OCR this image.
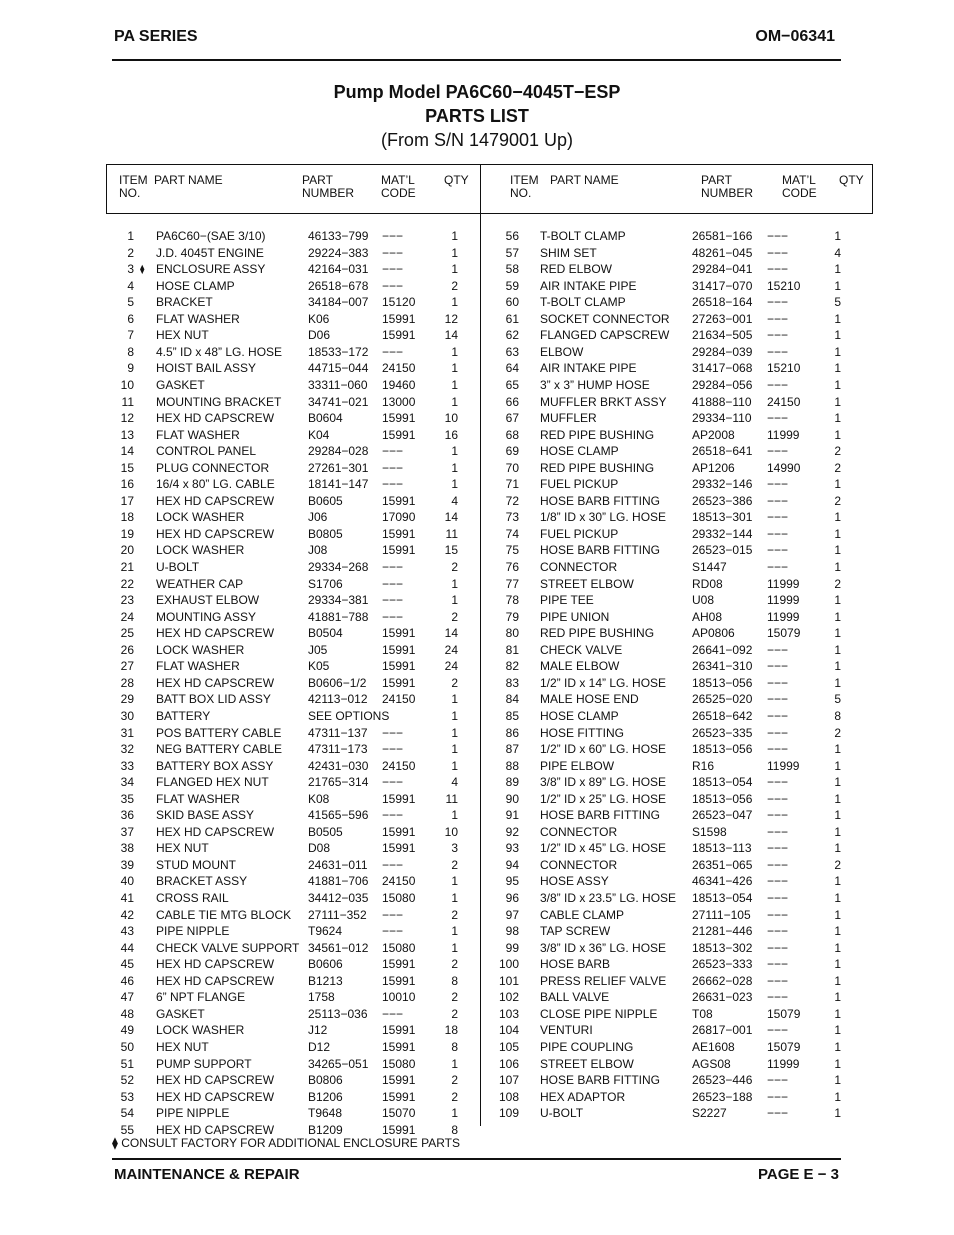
PA SERIES	OM−06341
Pump Model PA6C60−4045T−ESP
PARTS LIST
(From S/N 1479001 Up)
ITEM
NO.
PART NAME	PART
NUMBER
MAT’L
CODE
QTY	ITEM
NO.
PART NAME	PART
NUMBER
MAT’L
CODE
QTY
1 PA6C60−(SAE 3/10)	46133−799 −−−	1
2 J.D. 4045T ENGINE	29224−383 −−−	1
3 ENCLOSURE ASSY	42164−031 −−−	1
⧫
4 HOSE CLAMP	26518−678 −−−	2
5 BRACKET	34184−007 15120	1
6 FLAT WASHER	K06	15991	12
7 HEX NUT	D06	15991	14
8 4.5” ID x 48” LG. HOSE 18533−172 −−−	1
9 HOIST BAIL ASSY	44715−044 24150	1
10 GASKET	33311−060 19460	1
11 MOUNTING BRACKET 34741−021 13000	1
12 HEX HD CAPSCREW	B0604	15991	10
13 FLAT WASHER	K04	15991	16
14 CONTROL PANEL	29284−028 −−−	1
15 PLUG CONNECTOR	27261−301 −−−	1
16 16/4 x 80” LG. CABLE	18141−147 −−−	1
17 HEX HD CAPSCREW	B0605	15991	4
18 LOCK WASHER	J06	17090	14
19 HEX HD CAPSCREW	B0805	15991	11
20 LOCK WASHER	J08	15991	15
21 U-BOLT	29334−268 −−−	2
22 WEATHER CAP	S1706	−−−	1
23 EXHAUST ELBOW	29334−381 −−−	1
24 MOUNTING ASSY	41881−788 −−−	2
25 HEX HD CAPSCREW	B0504	15991	14
26 LOCK WASHER	J05	15991	24
27 FLAT WASHER	K05	15991	24
28 HEX HD CAPSCREW	B0606−1/2 15991	2
29 BATT BOX LID ASSY	42113−012 24150	1
30 BATTERY	SEE OPTIONS	1
31 POS BATTERY CABLE 47311−137 −−−	1
32 NEG BATTERY CABLE 47311−173 −−−	1
33 BATTERY BOX ASSY	42431−030 24150	1
34 FLANGED HEX NUT	21765−314 −−−	4
35 FLAT WASHER	K08	15991	11
36 SKID BASE ASSY	41565−596 −−−	1
37 HEX HD CAPSCREW	B0505	15991	10
38 HEX NUT	D08	15991	3
39 STUD MOUNT	24631−011 −−−	2
40 BRACKET ASSY	41881−706 24150	1
41 CROSS RAIL	34412−035 15080	1
42 CABLE TIE MTG BLOCK 27111−352 −−−	2
43 PIPE NIPPLE	T9624	−−−	1
44 CHECK VALVE SUPPORT 34561−012 15080	1
45 HEX HD CAPSCREW	B0606	15991	2
46 HEX HD CAPSCREW	B1213	15991	8
47 6” NPT FLANGE	1758	10010	2
48 GASKET	25113−036 −−−	2
49 LOCK WASHER	J12	15991	18
50 HEX NUT	D12	15991	8
51 PUMP SUPPORT	34265−051 15080	1
52 HEX HD CAPSCREW	B0806	15991	2
53 HEX HD CAPSCREW	B1206	15991	2
54 PIPE NIPPLE	T9648	15070	1
55 HEX HD CAPSCREW	B1209	15991	8
56 T-BOLT CLAMP	26581−166 −−−	1
57 SHIM SET	48261−045 −−−	4
58 RED ELBOW	29284−041 −−−	1
59 AIR INTAKE PIPE	31417−070 15210	1
60 T-BOLT CLAMP	26518−164 −−−	5
61 SOCKET CONNECTOR 27263−001 −−−	1
62 FLANGED CAPSCREW 21634−505 −−−	1
63 ELBOW	29284−039 −−−	1
64 AIR INTAKE PIPE	31417−068 15210	1
65 3” x 3” HUMP HOSE	29284−056 −−−	1
66 MUFFLER BRKT ASSY 41888−110 24150	1
67 MUFFLER	29334−110 −−−	1
68 RED PIPE BUSHING	AP2008	11999	1
69 HOSE CLAMP	26518−641 −−−	2
70 RED PIPE BUSHING	AP1206	14990	2
71 FUEL PICKUP	29332−146 −−−	1
72 HOSE BARB FITTING	26523−386 −−−	2
73 1/8” ID x 30” LG. HOSE 18513−301 −−−	1
74 FUEL PICKUP	29332−144 −−−	1
75 HOSE BARB FITTING	26523−015 −−−	1
76 CONNECTOR	S1447	−−−	1
77 STREET ELBOW	RD08	11999	2
78 PIPE TEE	U08	11999	1
79 PIPE UNION	AH08	11999	1
80 RED PIPE BUSHING	AP0806	15079	1
81 CHECK VALVE	26641−092 −−−	1
82 MALE ELBOW	26341−310 −−−	1
83 1/2” ID x 14” LG. HOSE 18513−056 −−−	1
84 MALE HOSE END	26525−020 −−−	5
85 HOSE CLAMP	26518−642 −−−	8
86 HOSE FITTING	26523−335 −−−	2
87 1/2” ID x 60” LG. HOSE 18513−056 −−−	1
88 PIPE ELBOW	R16	11999	1
89 3/8” ID x 89” LG. HOSE 18513−054 −−−	1
90 1/2” ID x 25” LG. HOSE 18513−056 −−−	1
91 HOSE BARB FITTING	26523−047 −−−	1
92 CONNECTOR	S1598	−−−	1
93 1/2” ID x 45” LG. HOSE 18513−113 −−−	1
94 CONNECTOR	26351−065 −−−	2
95 HOSE ASSY	46341−426 −−−	1
96 3/8” ID x 23.5” LG. HOSE 18513−054 −−−	1
97 CABLE CLAMP	27111−105 −−−	1
98 TAP SCREW	21281−446 −−−	1
99 3/8” ID x 36” LG. HOSE 18513−302 −−−	1
100 HOSE BARB	26523−333 −−−	1
101 PRESS RELIEF VALVE 26662−028 −−−	1
102 BALL VALVE	26631−023 −−−	1
103 CLOSE PIPE NIPPLE	T08	15079	1
104 VENTURI	26817−001 −−−	1
105 PIPE COUPLING	AE1608	15079	1
106 STREET ELBOW	AGS08	11999	1
107 HOSE BARB FITTING	26523−446 −−−	1
108 HEX ADAPTOR	26523−188 −−−	1
109 U-BOLT	S2227	−−−	1
⧫ CONSULT FACTORY FOR ADDITIONAL ENCLOSURE PARTS
MAINTENANCE & REPAIR	PAGE E − 3
